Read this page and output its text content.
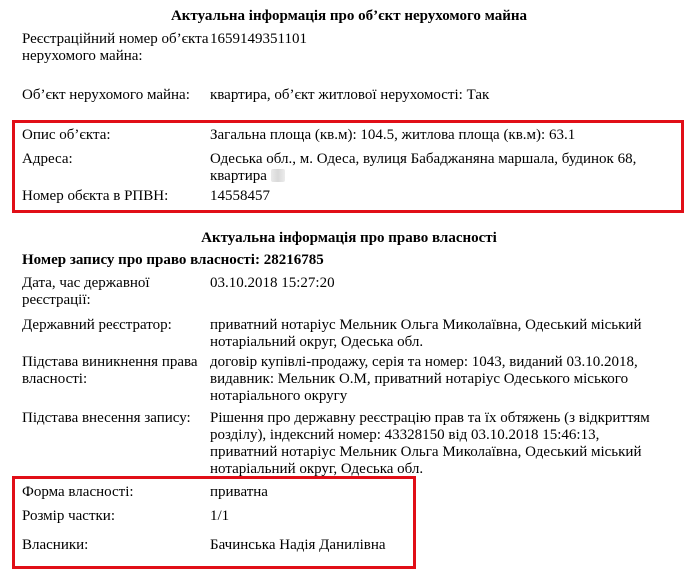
Актуальна інформація про об’єкт нерухомого майна
Реєстраційний номер об’єкта нерухомого майна:
1659149351101
Об’єкт нерухомого майна:	квартира, об’єкт житлової нерухомості: Так
Опис об’єкта:	Загальна площа (кв.м): 104.5, житлова площа (кв.м): 63.1
Адреса:	Одеська обл., м. Одеса, вулиця Бабаджаняна маршала, будинок 68,
квартира
Номер обєкта в РПВН:	14558457
Актуальна інформація про право власності
Номер запису про право власності: 28216785
Дата, час державної реєстрації:
03.10.2018 15:27:20
Державний реєстратор:	приватний нотаріус Мельник Ольга Миколаївна, Одеський міський
нотаріальний округ, Одеська обл.
Підстава виникнення права власності:
договір купівлі-продажу, серія та номер: 1043, виданий 03.10.2018,
видавник: Мельник О.М, приватний нотаріус Одеського міського
нотаріального округу
Підстава внесення запису:	Рішення про державну реєстрацію прав та їх обтяжень (з відкриттям
розділу), індексний номер: 43328150 від 03.10.2018 15:46:13,
приватний нотаріус Мельник Ольга Миколаївна, Одеський міський
нотаріальний округ, Одеська обл.
Форма власності:	приватна
Розмір частки:	1/1
Власники:	Бачинська Надія Данилівна
